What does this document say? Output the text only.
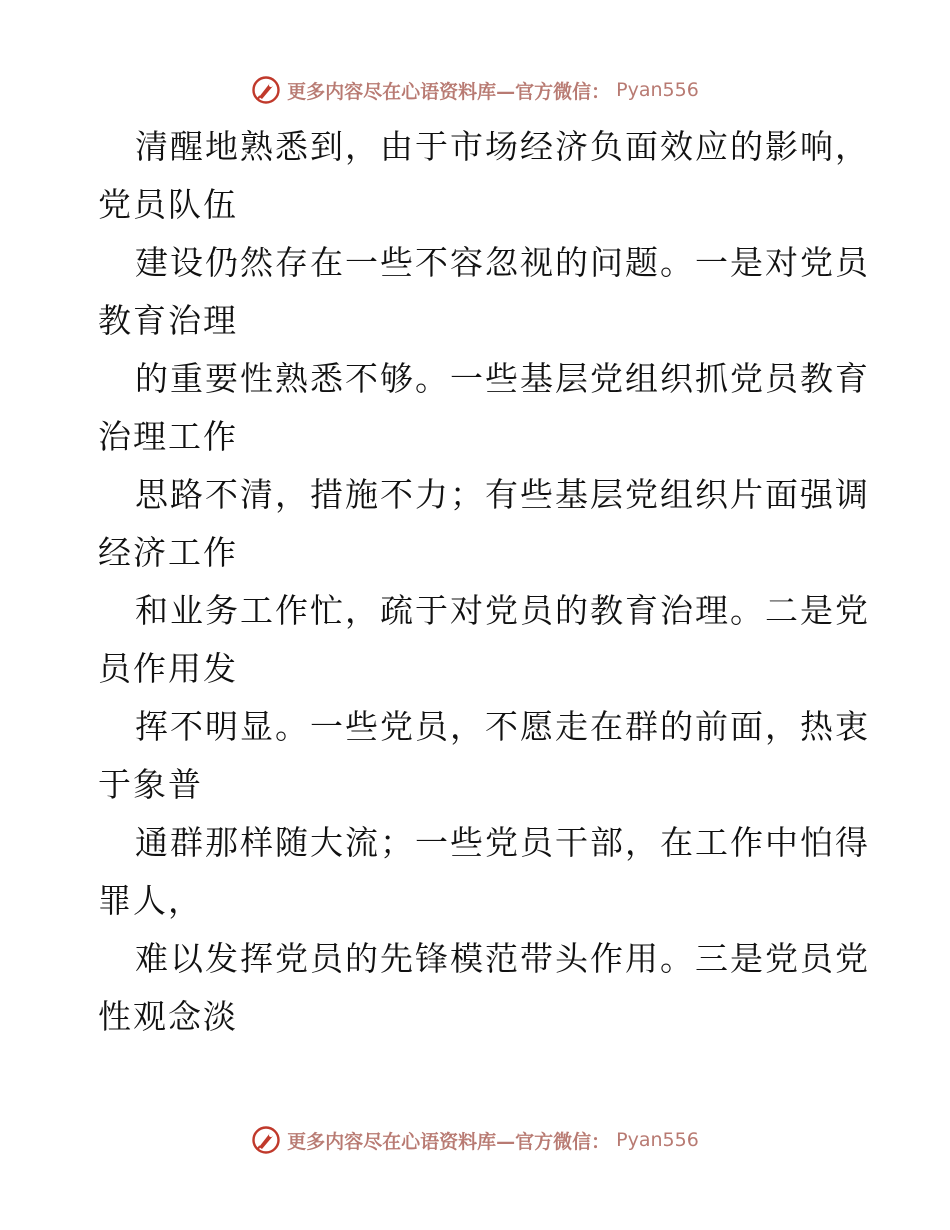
更多内容尽在心语资料库—官方微信： Pyan556
清醒地熟悉到，由于市场经济负面效应的影响，
党员队伍
建设仍然存在一些不容忽视的问题。一是对党员
教育治理
的重要性熟悉不够。一些基层党组织抓党员教育
治理工作
思路不清，措施不力；有些基层党组织片面强调
经济工作
和业务工作忙，疏于对党员的教育治理。二是党
员作用发
挥不明显。一些党员，不愿走在群的前面，热衷
于象普
通群那样随大流；一些党员干部，在工作中怕得
罪人，
难以发挥党员的先锋模范带头作用。三是党员党
性观念淡
更多内容尽在心语资料库—官方微信： Pyan556
